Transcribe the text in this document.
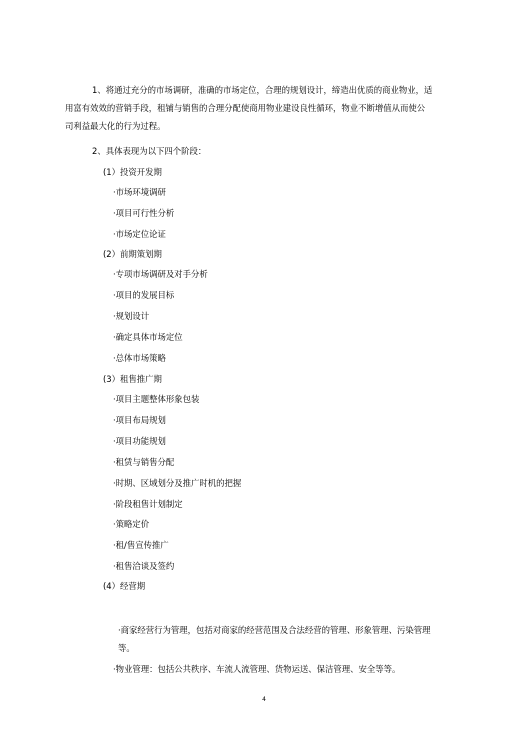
1、将通过充分的市场调研，准确的市场定位，合理的规划设计，缔造出优质的商业物业，适
用富有效效的营销手段，租铺与销售的合理分配使商用物业建设良性循环，物业不断增值从而使公
司利益最大化的行为过程。
2、具体表现为以下四个阶段：
(1）投资开发期
·市场环境调研
·项目可行性分析
·市场定位论证
(2）前期策划期
·专项市场调研及对手分析
·项目的发展目标
·规划设计
·确定具体市场定位
·总体市场策略
(3）租售推广期
·项目主题整体形象包装
·项目布局规划
·项目功能规划
·租赁与销售分配
·时期、区域划分及推广时机的把握
·阶段租售计划制定
·策略定价
·租/售宣传推广
·租售洽谈及签约
(4）经营期
·商家经营行为管理，包括对商家的经营范围及合法经营的管理、形象管理、污染管理
等。
·物业管理：包括公共秩序、车流人流管理、货物运送、保洁管理、安全等等。
4
